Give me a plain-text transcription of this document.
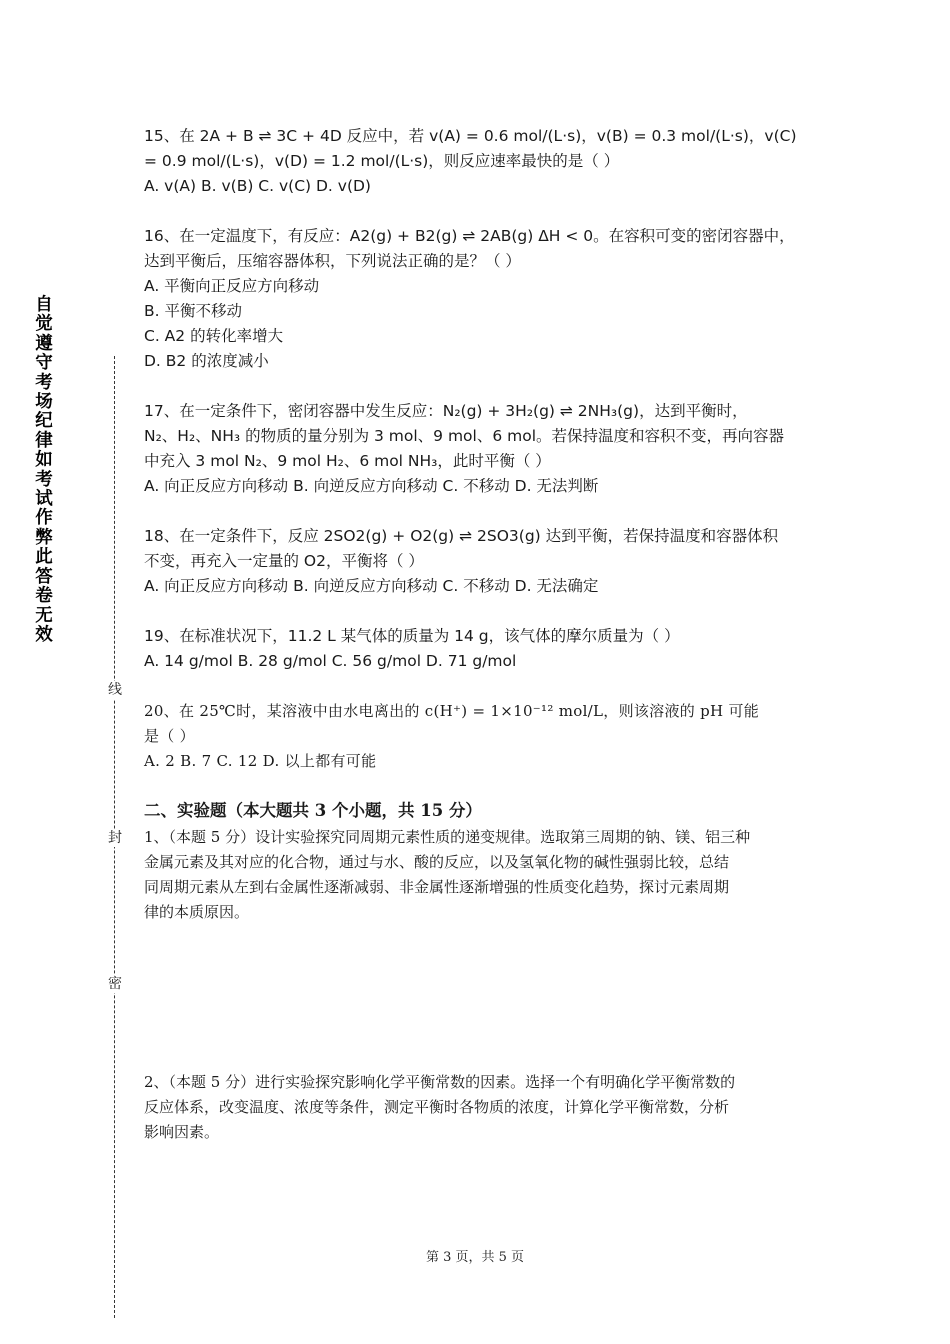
自觉遵守考场纪律如考试作弊此答卷无效
线
封
密

15、在 2A + B ⇌ 3C + 4D 反应中，若 v(A) = 0.6 mol/(L·s)，v(B) = 0.3 mol/(L·s)，v(C)

= 0.9 mol/(L·s)，v(D) = 1.2 mol/(L·s)，则反应速率最快的是（ ）

A. v(A) B. v(B) C. v(C) D. v(D)

16、在一定温度下，有反应：A2(g) + B2(g) ⇌ 2AB(g) ΔH < 0。在容积可变的密闭容器中，

达到平衡后，压缩容器体积，下列说法正确的是？（ ）

A. 平衡向正反应方向移动

B. 平衡不移动

C. A2 的转化率增大

D. B2 的浓度减小

17、在一定条件下，密闭容器中发生反应：N₂(g) + 3H₂(g) ⇌ 2NH₃(g)，达到平衡时，

N₂、H₂、NH₃ 的物质的量分别为 3 mol、9 mol、6 mol。若保持温度和容积不变，再向容器

中充入 3 mol N₂、9 mol H₂、6 mol NH₃，此时平衡（ ）

A. 向正反应方向移动 B. 向逆反应方向移动 C. 不移动 D. 无法判断

18、在一定条件下，反应 2SO2(g) + O2(g) ⇌ 2SO3(g) 达到平衡，若保持温度和容器体积

不变，再充入一定量的 O2，平衡将（ ）

A. 向正反应方向移动 B. 向逆反应方向移动 C. 不移动 D. 无法确定

19、在标准状况下，11.2 L 某气体的质量为 14 g，该气体的摩尔质量为（ ）

A. 14 g/mol B. 28 g/mol C. 56 g/mol D. 71 g/mol

20、在 25℃时，某溶液中由水电离出的 c(H⁺) = 1×10⁻¹² mol/L，则该溶液的 pH 可能

是（ ）

A. 2 B. 7 C. 12 D. 以上都有可能

二、实验题（本大题共 3 个小题，共 15 分）

1、（本题 5 分）设计实验探究同周期元素性质的递变规律。选取第三周期的钠、镁、铝三种

金属元素及其对应的化合物，通过与水、酸的反应，以及氢氧化物的碱性强弱比较，总结

同周期元素从左到右金属性逐渐减弱、非金属性逐渐增强的性质变化趋势，探讨元素周期

律的本质原因。

2、（本题 5 分）进行实验探究影响化学平衡常数的因素。选择一个有明确化学平衡常数的

反应体系，改变温度、浓度等条件，测定平衡时各物质的浓度，计算化学平衡常数，分析

影响因素。

第 3 页，共 5 页
